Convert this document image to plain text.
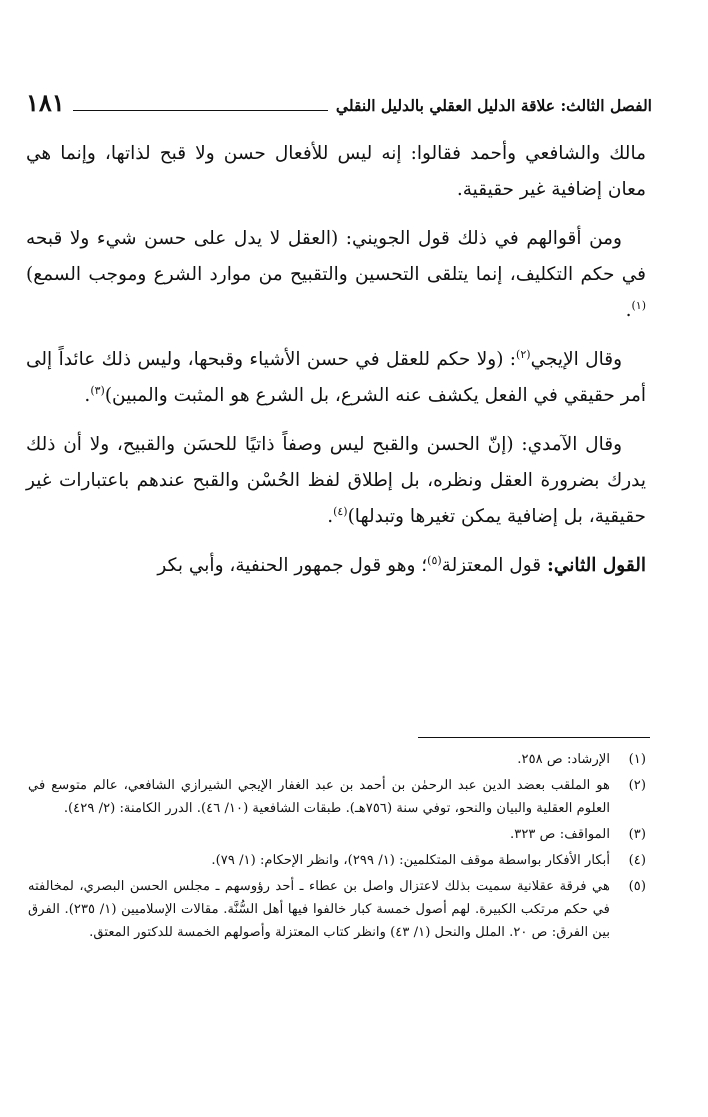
الفصل الثالث: علاقة الدليل العقلي بالدليل النقلي
١٨١

مالك والشافعي وأحمد فقالوا: إنه ليس للأفعال حسن ولا قبح لذاتها، وإنما هي معان إضافية غير حقيقية.

ومن أقوالهم في ذلك قول الجويني: (العقل لا يدل على حسن شيء ولا قبحه في حكم التكليف، إنما يتلقى التحسين والتقبيح من موارد الشرع وموجب السمع)$^{(١)}$.

وقال الإيجي$^{(٢)}$: (ولا حكم للعقل في حسن الأشياء وقبحها، وليس ذلك عائداً إلى أمر حقيقي في الفعل يكشف عنه الشرع، بل الشرع هو المثبت والمبين)$^{(٣)}$.

وقال الآمدي: (إنّ الحسن والقبح ليس وصفاً ذاتيًا للحسَن والقبيح، ولا أن ذلك يدرك بضرورة العقل ونظره، بل إطلاق لفظ الحُسْن والقبح عندهم باعتبارات غير حقيقية، بل إضافية يمكن تغيرها وتبدلها)$^{(٤)}$.

القول الثاني: قول المعتزلة$^{(٥)}$؛ وهو قول جمهور الحنفية، وأبي بكر

(١)
الإرشاد: ص ٢٥٨.
(٢)
هو الملقب بعضد الدين عبد الرحمٰن بن أحمد بن عبد الغفار الإيجي الشيرازي الشافعي، عالم متوسع في العلوم العقلية والبيان والنحو، توفي سنة (٧٥٦هـ). طبقات الشافعية (١٠/ ٤٦). الدرر الكامنة: (٢/ ٤٢٩).
(٣)
المواقف: ص ٣٢٣.
(٤)
أبكار الأفكار بواسطة موقف المتكلمين: (١/ ٢٩٩)، وانظر الإحكام: (١/ ٧٩).
(٥)
هي فرقة عقلانية سميت بذلك لاعتزال واصل بن عطاء ـ أحد رؤوسهم ـ مجلس الحسن البصري، لمخالفته في حكم مرتكب الكبيرة. لهم أصول خمسة كبار خالفوا فيها أهل السُّنَّة. مقالات الإسلاميين (١/ ٢٣٥). الفرق بين الفرق: ص ٢٠. الملل والنحل (١/ ٤٣) وانظر كتاب المعتزلة وأصولهم الخمسة للدكتور المعتق.
